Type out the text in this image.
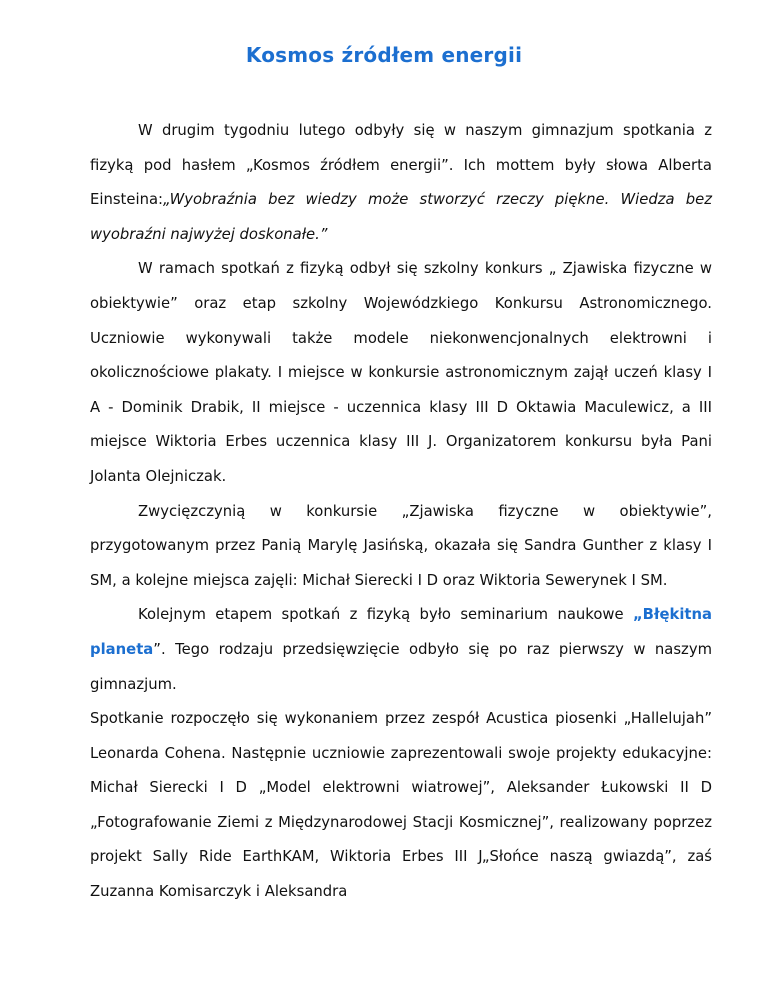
Kosmos źródłem energii

W drugim tygodniu lutego odbyły się w naszym gimnazjum spotkania z fizyką pod hasłem „Kosmos źródłem energii”. Ich mottem były słowa Alberta Einsteina:„Wyobraźnia bez wiedzy może stworzyć rzeczy piękne. Wiedza bez wyobraźni najwyżej doskonałe.”

W ramach spotkań z fizyką odbył się szkolny konkurs „ Zjawiska fizyczne w obiektywie” oraz etap szkolny Wojewódzkiego Konkursu Astronomicznego. Uczniowie wykonywali także modele niekonwencjonalnych elektrowni i okolicznościowe plakaty. I miejsce w konkursie astronomicznym zajął uczeń klasy I A - Dominik Drabik, II miejsce - uczennica klasy III D Oktawia Maculewicz, a III miejsce Wiktoria Erbes uczennica klasy III J. Organizatorem konkursu była Pani Jolanta Olejniczak.

Zwycięzczynią w konkursie „Zjawiska fizyczne w obiektywie”, przygotowanym przez Panią Marylę Jasińską, okazała się Sandra Gunther z klasy I SM, a kolejne miejsca zajęli: Michał Sierecki I D oraz Wiktoria Sewerynek I SM.

Kolejnym etapem spotkań z fizyką było seminarium naukowe „Błękitna planeta”. Tego rodzaju przedsięwzięcie odbyło się po raz pierwszy w naszym gimnazjum.

Spotkanie rozpoczęło się wykonaniem przez zespół Acustica piosenki „Hallelujah” Leonarda Cohena. Następnie uczniowie zaprezentowali swoje projekty edukacyjne: Michał Sierecki I D „Model elektrowni wiatrowej”, Aleksander Łukowski II D „Fotografowanie Ziemi z Międzynarodowej Stacji Kosmicznej”, realizowany poprzez projekt Sally Ride EarthKAM, Wiktoria Erbes III J„Słońce naszą gwiazdą”, zaś Zuzanna Komisarczyk i Aleksandra
